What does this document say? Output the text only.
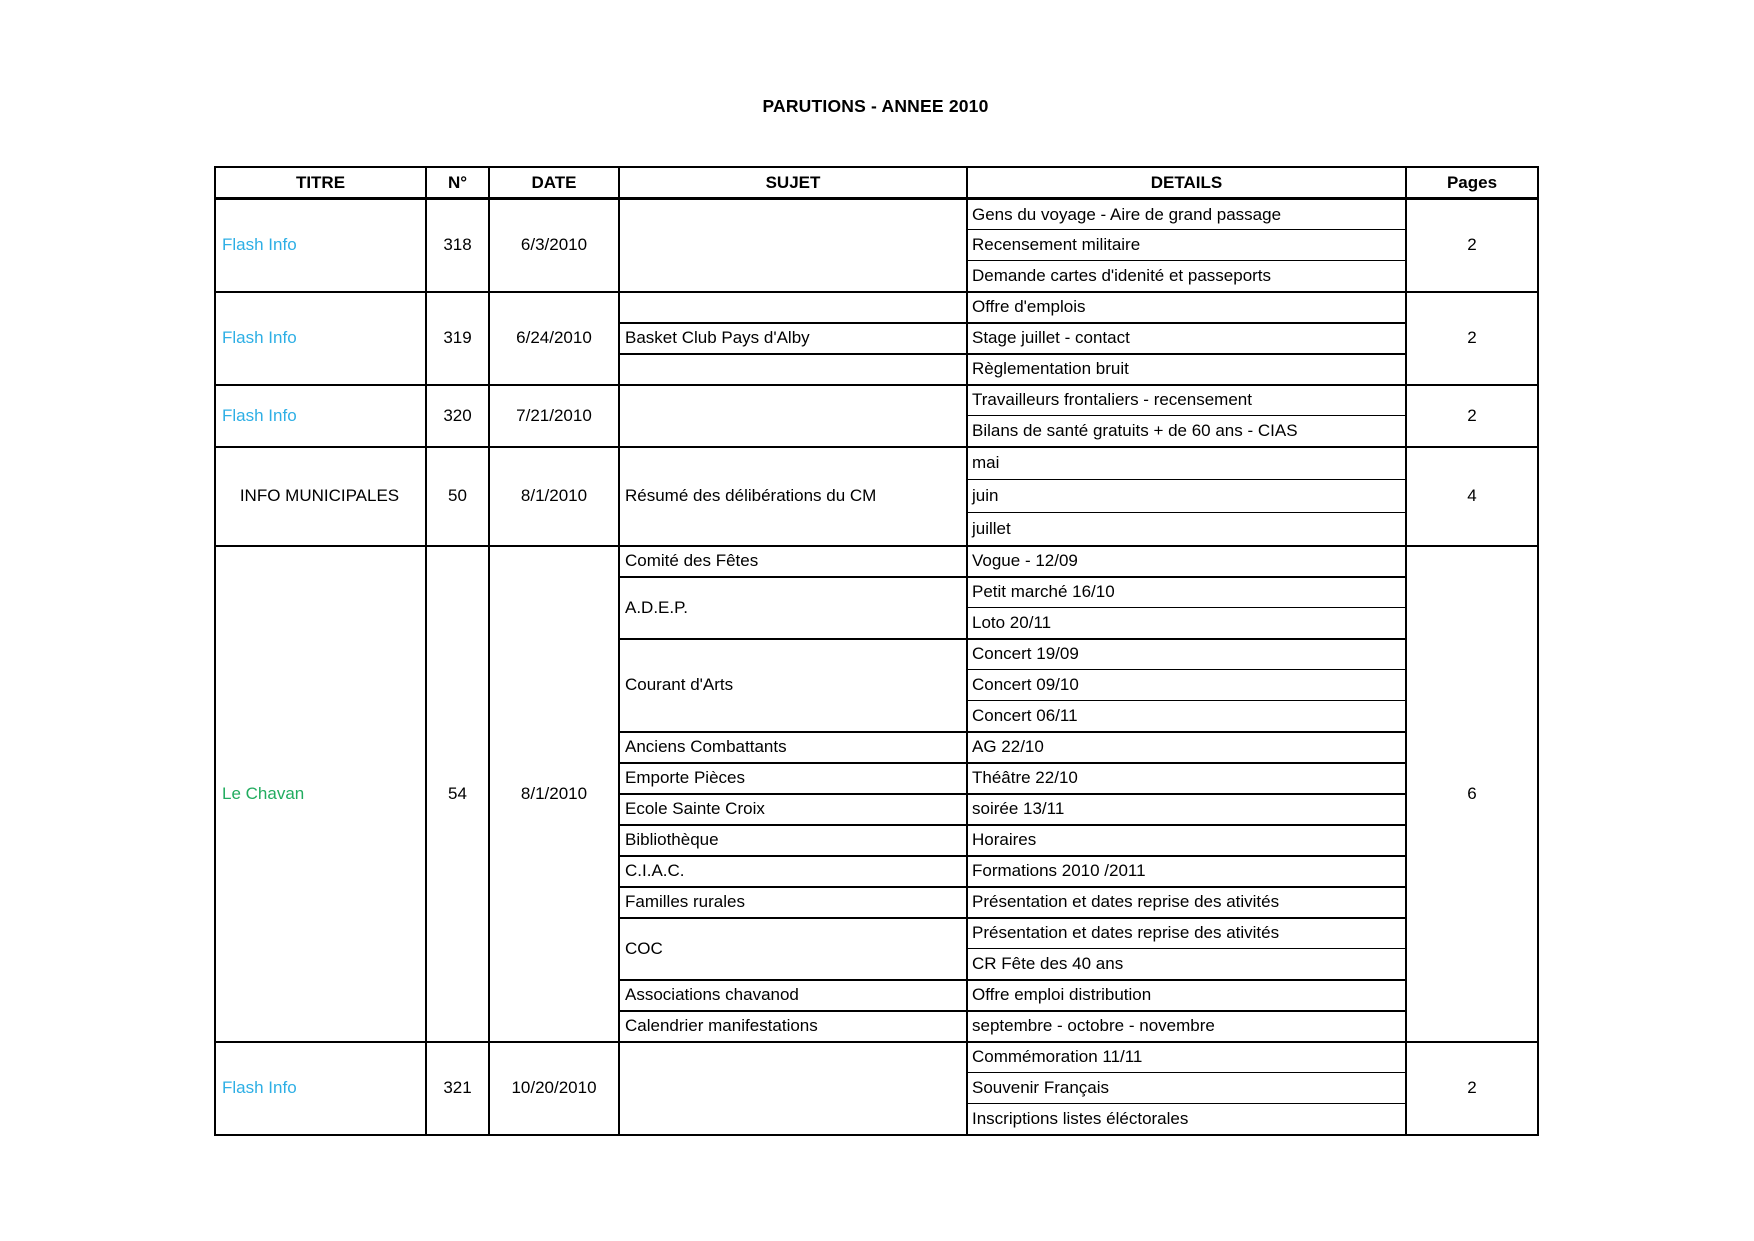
PARUTIONS - ANNEE 2010
TITRE	N°	DATE	SUJET	DETAILS	Pages
Flash Info	318	6/3/2010		Gens du voyage - Aire de grand passage	2
				Recensement militaire	
				Demande cartes d'idenité et passeports	
Flash Info	319	6/24/2010		Offre d'emplois	2
			Basket Club Pays d'Alby	Stage juillet - contact	
				Règlementation bruit	
Flash Info	320	7/21/2010		Travailleurs frontaliers - recensement	2
				Bilans de santé gratuits + de 60 ans - CIAS	
INFO MUNICIPALES	50	8/1/2010	Résumé des délibérations du CM	mai	4
				juin	
				juillet	
Le Chavan	54	8/1/2010	Comité des Fêtes	Vogue - 12/09	6
			A.D.E.P.	Petit marché 16/10	
				Loto 20/11	
			Courant d'Arts	Concert 19/09	
				Concert 09/10	
				Concert 06/11	
			Anciens Combattants	AG 22/10	
			Emporte Pièces	Théâtre 22/10	
			Ecole Sainte Croix	soirée 13/11	
			Bibliothèque	Horaires	
			C.I.A.C.	Formations 2010 /2011	
			Familles rurales	Présentation et dates reprise des ativités	
			COC	Présentation et dates reprise des ativités	
				CR Fête des 40 ans	
			Associations chavanod	Offre emploi distribution	
			Calendrier manifestations	septembre - octobre - novembre	
Flash Info	321	10/20/2010		Commémoration 11/11	2
				Souvenir Français	
				Inscriptions listes éléctorales	
